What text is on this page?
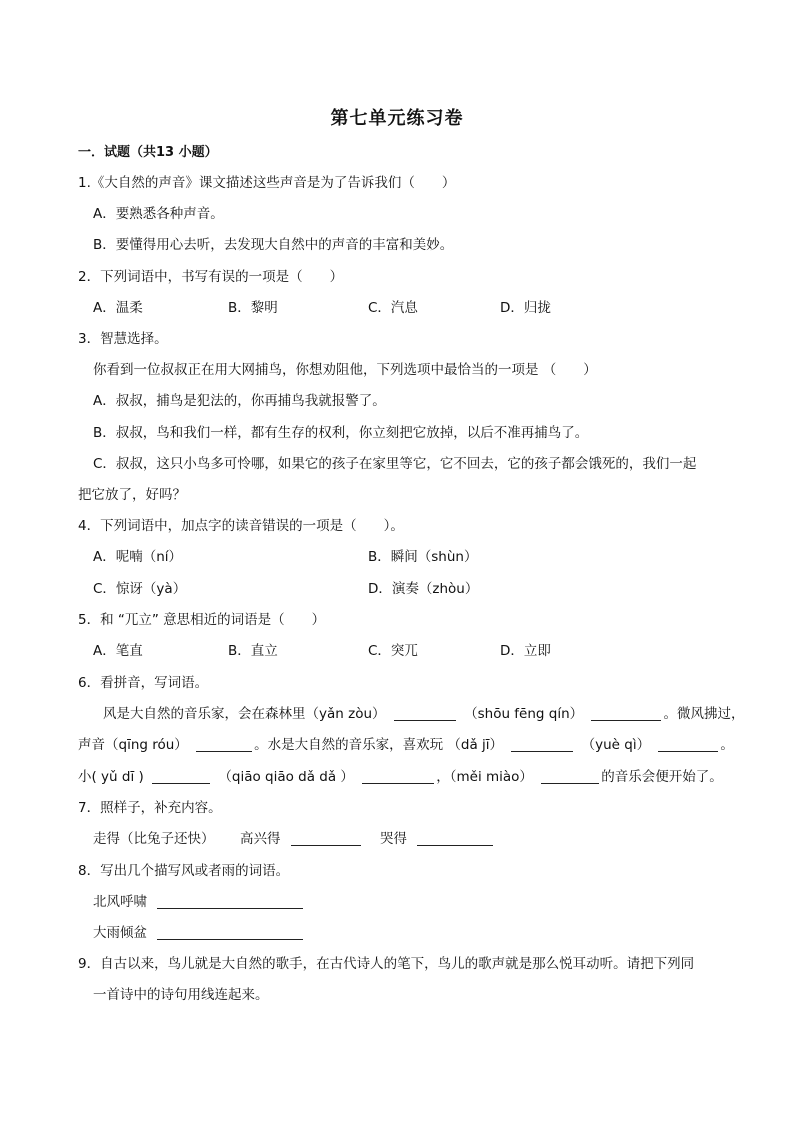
第七单元练习卷
一．试题（共13 小题）
1.《大自然的声音》课文描述这些声音是为了告诉我们（　　）
A．要熟悉各种声音。
B．要懂得用心去听，去发现大自然中的声音的丰富和美妙。
2．下列词语中，书写有误的一项是（　　）
A．温柔	B．黎明	C．汽息	D．归拢
3．智慧选择。
你看到一位叔叔正在用大网捕鸟，你想劝阻他，下列选项中最恰当的一项是 （　　）
A．叔叔，捕鸟是犯法的，你再捕鸟我就报警了。
B．叔叔，鸟和我们一样，都有生存的权利，你立刻把它放掉，以后不准再捕鸟了。
C．叔叔，这只小鸟多可怜哪，如果它的孩子在家里等它，它不回去，它的孩子都会饿死的，我们一起
把它放了，好吗？
4．下列词语中，加点字的读音错误的一项是（　　）。
A．呢喃（ní）	B．瞬间（shùn）
C．惊讶（yà）	D．演奏（zhòu）
5．和 “兀立” 意思相近的词语是（　　）
A．笔直	B．直立	C．突兀	D．立即
6．看拼音，写词语。
风是大自然的音乐家，会在森林里（yǎn zòu）	（shōu fēng qín）	。微风拂过，
声音（qīng róu）	。水是大自然的音乐家，喜欢玩 （dǎ jī）	（yuè qì）	。
小( yǔ dī )	（qiāo qiāo dǎ dǎ ）	，（měi miào）	的音乐会便开始了。
7．照样子，补充内容。
走得（比兔子还快） 高兴得	哭得
8．写出几个描写风或者雨的词语。
北风呼啸
大雨倾盆
9．自古以来，鸟儿就是大自然的歌手，在古代诗人的笔下，鸟儿的歌声就是那么悦耳动听。请把下列同
一首诗中的诗句用线连起来。
